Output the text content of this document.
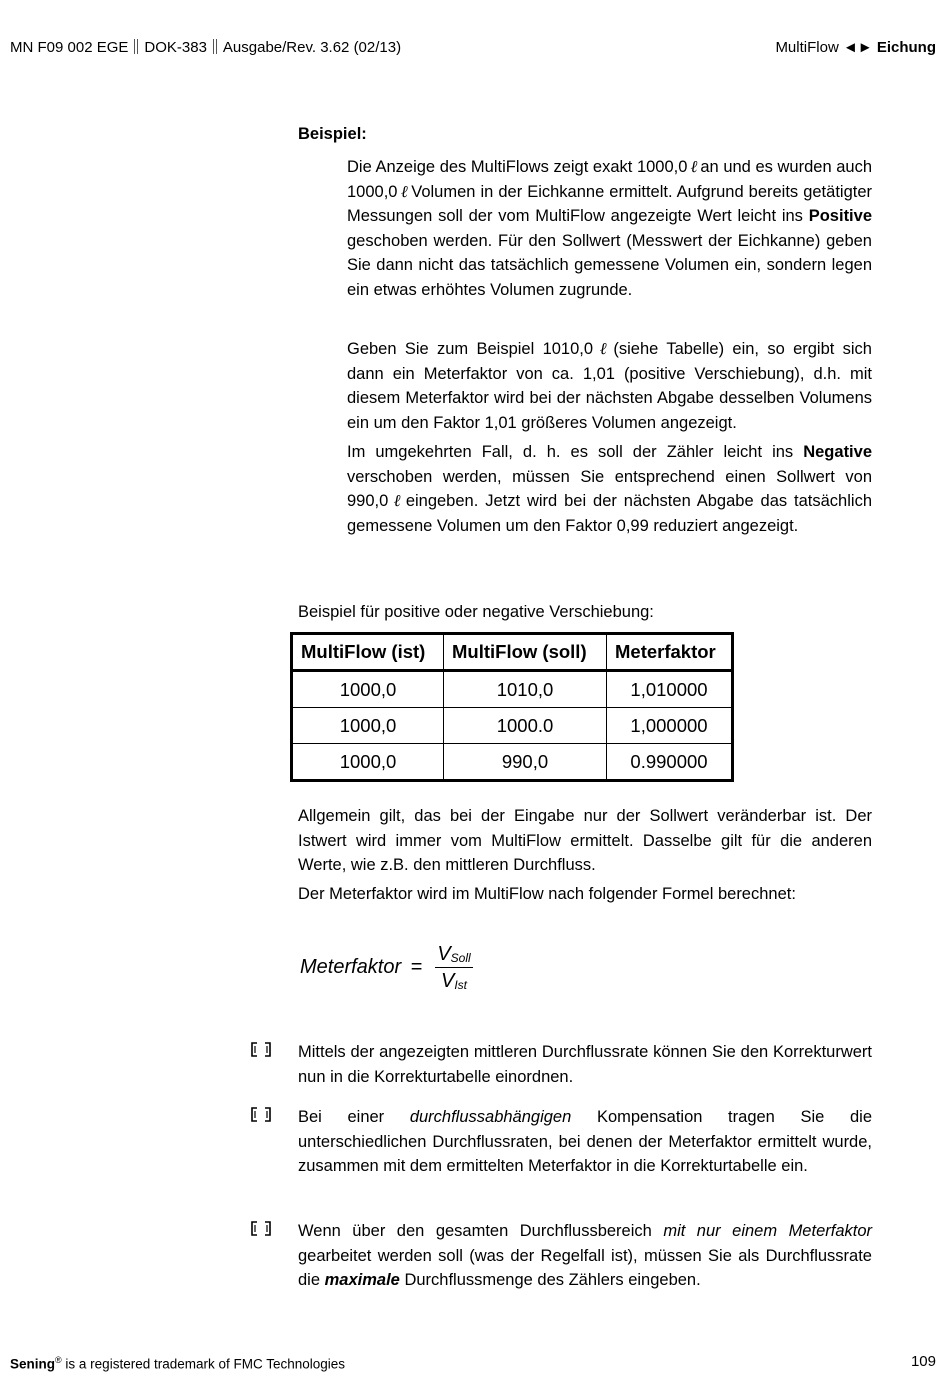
MN F09 002 EGE DOK-383 Ausgabe/Rev. 3.62 (02/13)	MultiFlow ◄► Eichung
Beispiel:
Die Anzeige des MultiFlows zeigt exakt 1000,0 ℓ an und es wurden auch 1000,0 ℓ Volumen in der Eichkanne ermittelt. Aufgrund bereits getätigter Messungen soll der vom MultiFlow angezeigte Wert leicht ins Positive geschoben werden. Für den Sollwert (Messwert der Eichkanne) geben Sie dann nicht das tatsächlich gemessene Volumen ein, sondern legen ein etwas erhöhtes Volumen zugrunde.
Geben Sie zum Beispiel 1010,0 ℓ (siehe Tabelle) ein, so ergibt sich dann ein Meterfaktor von ca. 1,01 (positive Verschiebung), d.h. mit diesem Meterfaktor wird bei der nächsten Abgabe desselben Volumens ein um den Faktor 1,01 größeres Volumen angezeigt.
Im umgekehrten Fall, d. h. es soll der Zähler leicht ins Negative verschoben werden, müssen Sie entsprechend einen Sollwert von 990,0 ℓ eingeben. Jetzt wird bei der nächsten Abgabe das tatsächlich gemessene Volumen um den Faktor 0,99 reduziert angezeigt.
Beispiel für positive oder negative Verschiebung:
MultiFlow (ist)	MultiFlow (soll)	Meterfaktor
1000,0	1010,0	1,010000
1000,0	1000.0	1,000000
1000,0	990,0	0.990000
Allgemein gilt, das bei der Eingabe nur der Sollwert veränderbar ist. Der Istwert wird immer vom MultiFlow ermittelt. Dasselbe gilt für die anderen Werte, wie z.B. den mittleren Durchfluss.
Der Meterfaktor wird im MultiFlow nach folgender Formel berechnet:
Meterfaktor =
$V_{Soll}$
$V_{Ist}$
Mittels der angezeigten mittleren Durchflussrate können Sie den Korrekturwert nun in die Korrekturtabelle einordnen.
Bei einer durchflussabhängigen Kompensation tragen Sie die unterschiedlichen Durchflussraten, bei denen der Meterfaktor ermittelt wurde, zusammen mit dem ermittelten Meterfaktor in die Korrekturtabelle ein.
Wenn über den gesamten Durchflussbereich mit nur einem Meterfaktor gearbeitet werden soll (was der Regelfall ist), müssen Sie als Durchflussrate die maximale Durchflussmenge des Zählers eingeben.
Sening® is a registered trademark of FMC Technologies	109
